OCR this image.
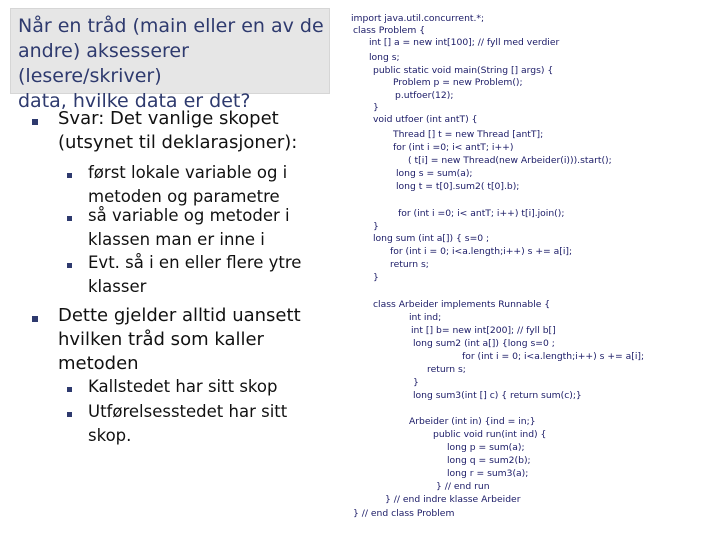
Når en tråd (main eller en av de
andre) aksesserer (lesere/skriver)
data, hvilke data er det?
Svar: Det vanlige skopet
(utsynet til deklarasjoner):
først lokale variable og i
metoden og parametre
så variable og metoder i
klassen man er inne i
Evt. så i en eller flere ytre
klasser
Dette gjelder alltid uansett
hvilken tråd som kaller
metoden
Kallstedet har sitt skop
Utførelsesstedet har sitt
skop.
import java.util.concurrent.*;
class Problem {
int [] a = new int[100]; // fyll med verdier
long s;
public static void main(String [] args) {
Problem p = new Problem();
p.utfoer(12);
}
void utfoer (int antT) {
Thread [] t = new Thread [antT];
for (int i =0; i< antT; i++)
( t[i] = new Thread(new Arbeider(i))).start();
long s = sum(a);
long t = t[0].sum2( t[0].b);
for (int i =0; i< antT; i++) t[i].join();
}
long sum (int a[]) { s=0 ;
for (int i = 0; i<a.length;i++) s += a[i];
return s;
}
class Arbeider implements Runnable {
int ind;
int [] b= new int[200]; // fyll b[]
long sum2 (int a[]) {long s=0 ;
for (int i = 0; i<a.length;i++) s += a[i];
return s;
}
long sum3(int [] c) { return sum(c);}
Arbeider (int in) {ind = in;}
public void run(int ind) {
long p = sum(a);
long q = sum2(b);
long r = sum3(a);
} // end run
} // end indre klasse Arbeider
} // end class Problem
